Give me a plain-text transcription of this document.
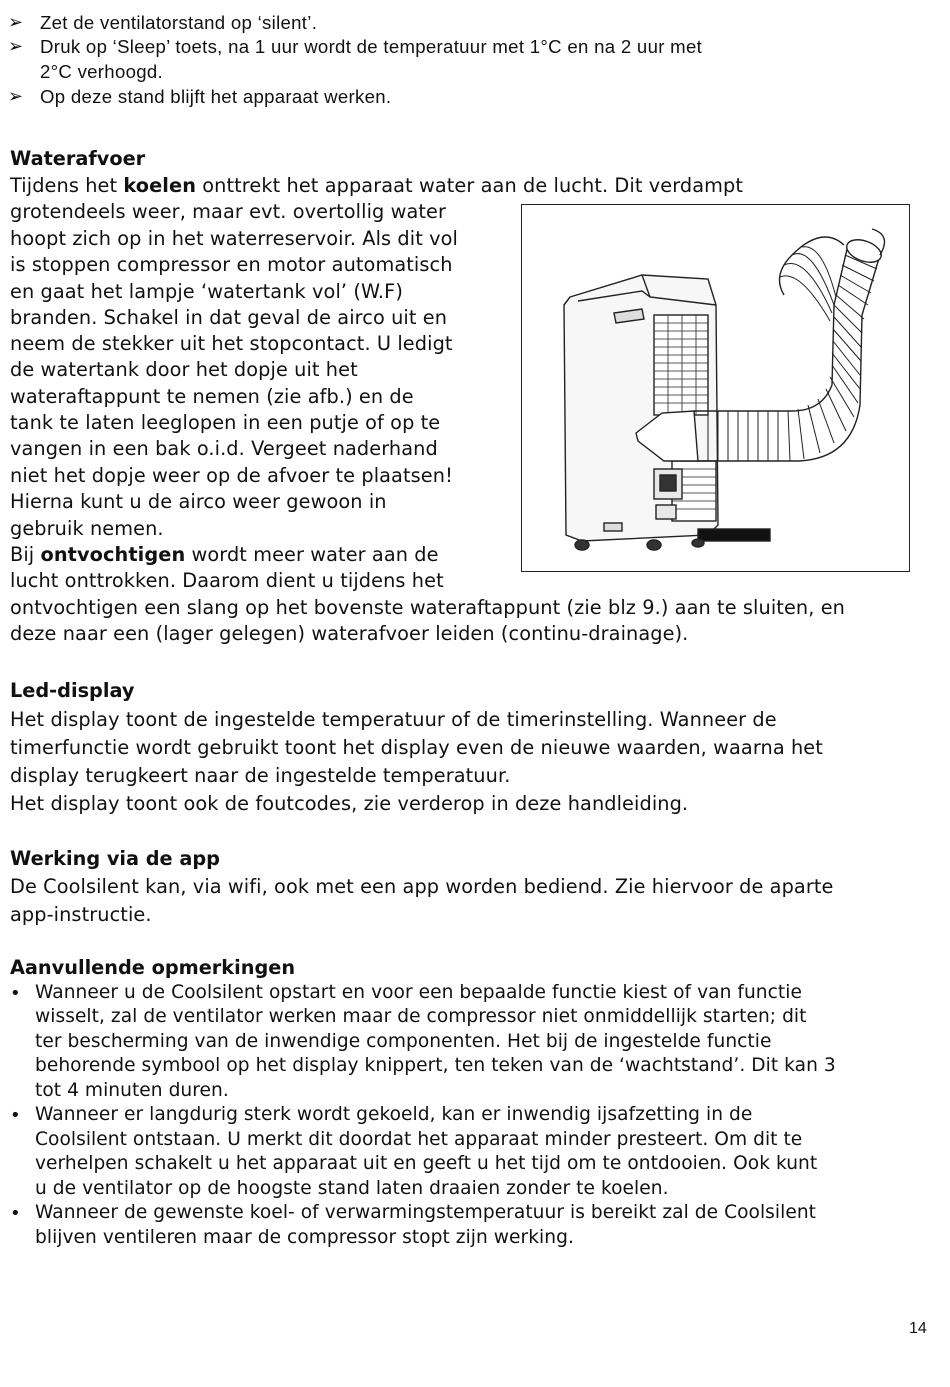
➢ Zet de ventilatorstand op ‘silent’.
➢ Druk op ‘Sleep’ toets, na 1 uur wordt de temperatuur met 1°C en na 2 uur met
2°C verhoogd.
➢ Op deze stand blijft het apparaat werken.
Waterafvoer
Tijdens het koelen onttrekt het apparaat water aan de lucht. Dit verdampt
grotendeels weer, maar evt. overtollig water
hoopt zich op in het waterreservoir. Als dit vol
is stoppen compressor en motor automatisch
en gaat het lampje ‘watertank vol’ (W.F)
branden. Schakel in dat geval de airco uit en
neem de stekker uit het stopcontact. U ledigt
de watertank door het dopje uit het
wateraftappunt te nemen (zie afb.) en de
tank te laten leeglopen in een putje of op te
vangen in een bak o.i.d. Vergeet naderhand
niet het dopje weer op de afvoer te plaatsen!
Hierna kunt u de airco weer gewoon in
gebruik nemen.
Bij ontvochtigen wordt meer water aan de
lucht onttrokken. Daarom dient u tijdens het
ontvochtigen een slang op het bovenste wateraftappunt (zie blz 9.) aan te sluiten, en
deze naar een (lager gelegen) waterafvoer leiden (continu-drainage).
Led-display
Het display toont de ingestelde temperatuur of de timerinstelling. Wanneer de
timerfunctie wordt gebruikt toont het display even de nieuwe waarden, waarna het
display terugkeert naar de ingestelde temperatuur.
Het display toont ook de foutcodes, zie verderop in deze handleiding.
Werking via de app
De Coolsilent kan, via wifi, ook met een app worden bediend. Zie hiervoor de aparte
app-instructie.
Aanvullende opmerkingen
• Wanneer u de Coolsilent opstart en voor een bepaalde functie kiest of van functie
wisselt, zal de ventilator werken maar de compressor niet onmiddellijk starten; dit
ter bescherming van de inwendige componenten. Het bij de ingestelde functie
behorende symbool op het display knippert, ten teken van de ‘wachtstand’. Dit kan 3
tot 4 minuten duren.
• Wanneer er langdurig sterk wordt gekoeld, kan er inwendig ijsafzetting in de
Coolsilent ontstaan. U merkt dit doordat het apparaat minder presteert. Om dit te
verhelpen schakelt u het apparaat uit en geeft u het tijd om te ontdooien. Ook kunt
u de ventilator op de hoogste stand laten draaien zonder te koelen.
• Wanneer de gewenste koel- of verwarmingstemperatuur is bereikt zal de Coolsilent
blijven ventileren maar de compressor stopt zijn werking.
14
